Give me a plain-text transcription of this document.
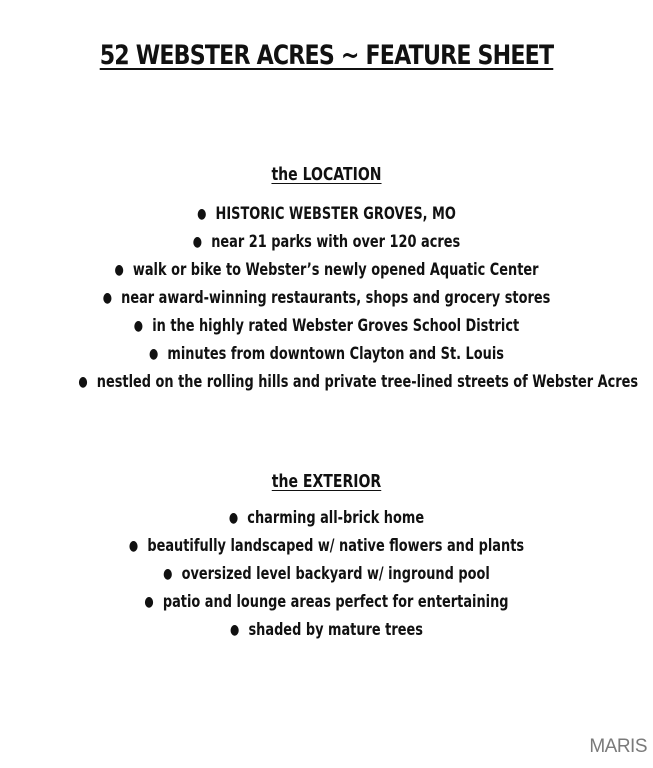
52 WEBSTER ACRES ~ FEATURE SHEET
the LOCATION
● HISTORIC WEBSTER GROVES, MO
● near 21 parks with over 120 acres
● walk or bike to Webster’s newly opened Aquatic Center
● near award-winning restaurants, shops and grocery stores
● in the highly rated Webster Groves School District
● minutes from downtown Clayton and St. Louis
● nestled on the rolling hills and private tree-lined streets of Webster Acres
the EXTERIOR
● charming all-brick home
● beautifully landscaped w/ native flowers and plants
● oversized level backyard w/ inground pool
● patio and lounge areas perfect for entertaining
● shaded by mature trees
MARIS
